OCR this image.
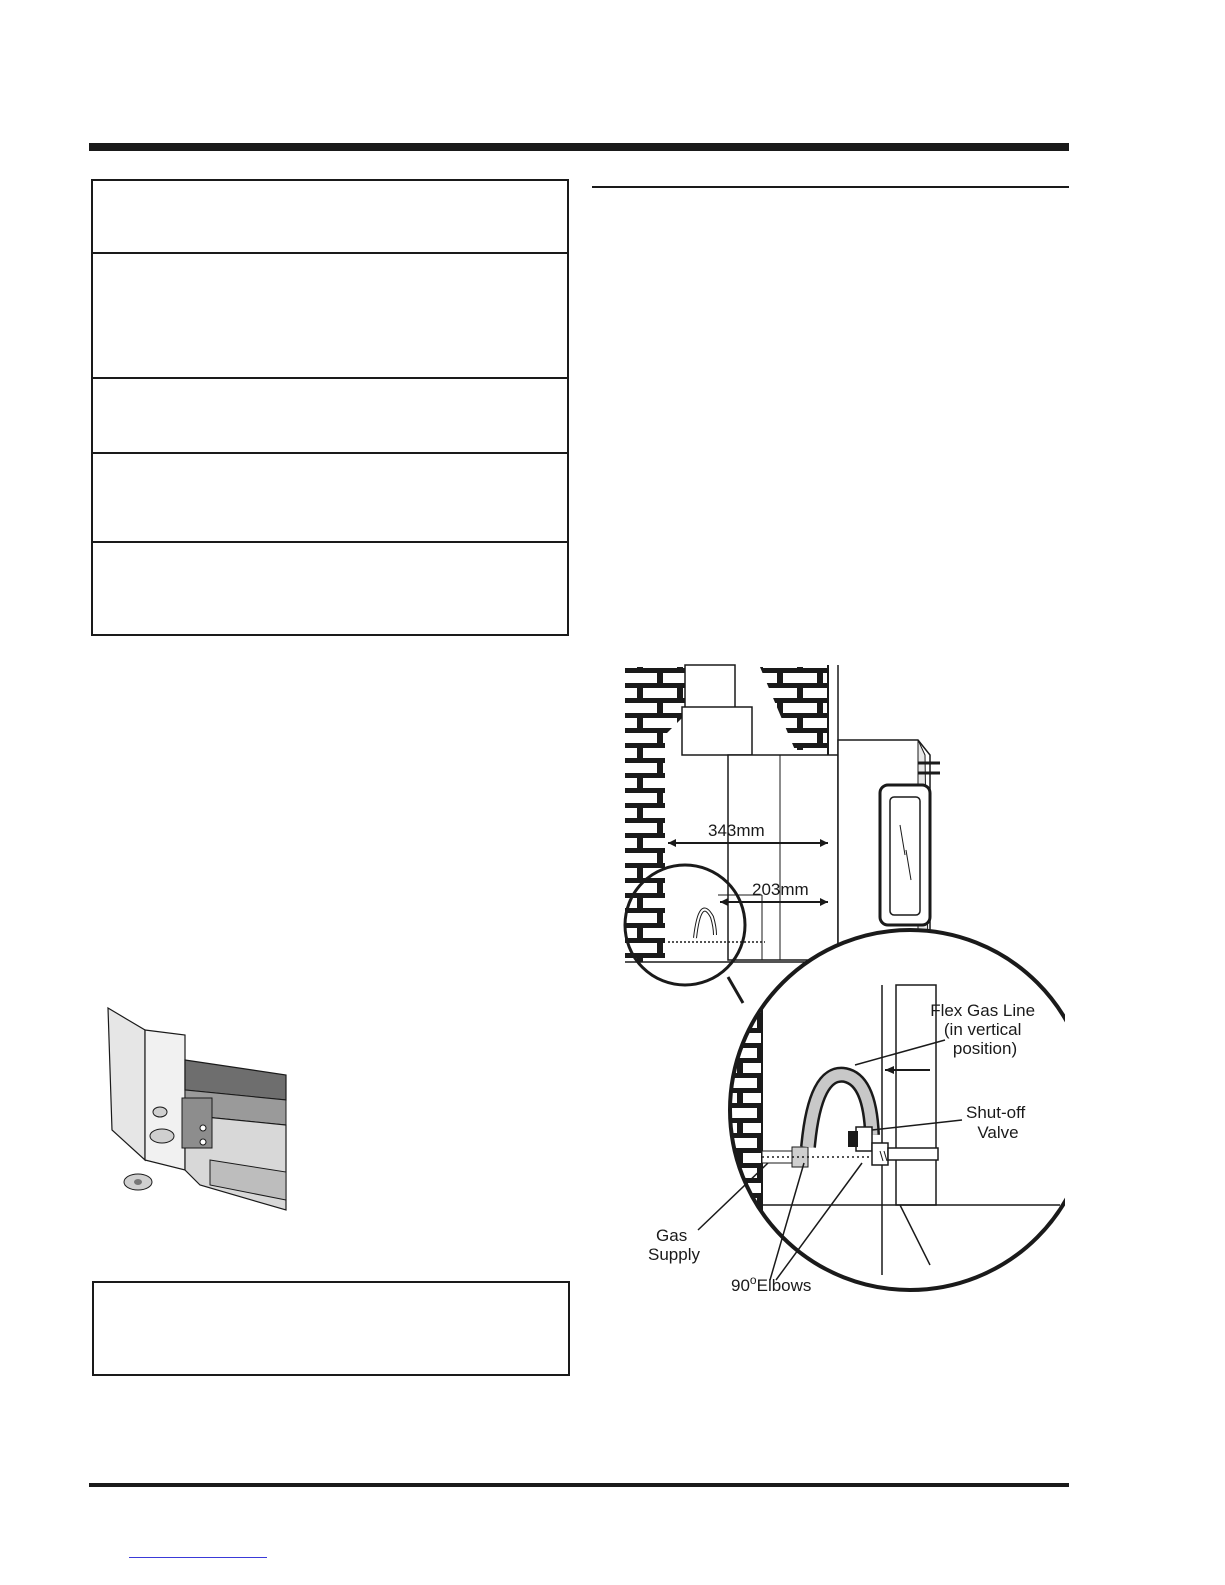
343mm
203mm
Flex Gas Line (in vertical position)
Shut-off Valve
Gas Supply
90$^o$Elbows
